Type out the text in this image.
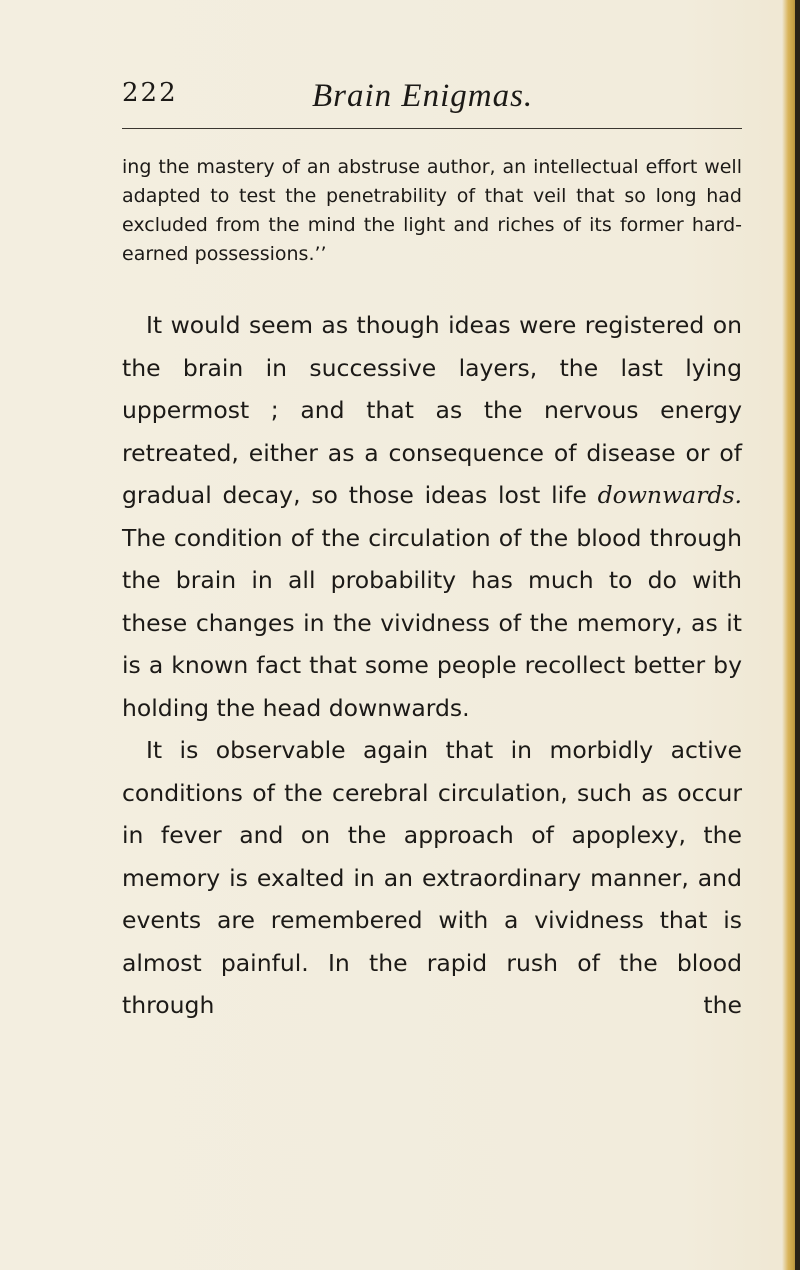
222	Brain Enigmas.

ing the mastery of an abstruse author, an intellectual effort well adapted to test the penetrability of that veil that so long had excluded from the mind the light and riches of its former hard-earned possessions.’’

It would seem as though ideas were registered on the brain in successive layers, the last lying uppermost ; and that as the nervous energy retreated, either as a consequence of disease or of gradual decay, so those ideas lost life downwards. The condition of the circulation of the blood through the brain in all probability has much to do with these changes in the vividness of the memory, as it is a known fact that some people recollect better by holding the head downwards.

It is observable again that in morbidly active conditions of the cerebral circulation, such as occur in fever and on the approach of apoplexy, the memory is exalted in an extraordinary manner, and events are remembered with a vividness that is almost painful. In the rapid rush of the blood through the
